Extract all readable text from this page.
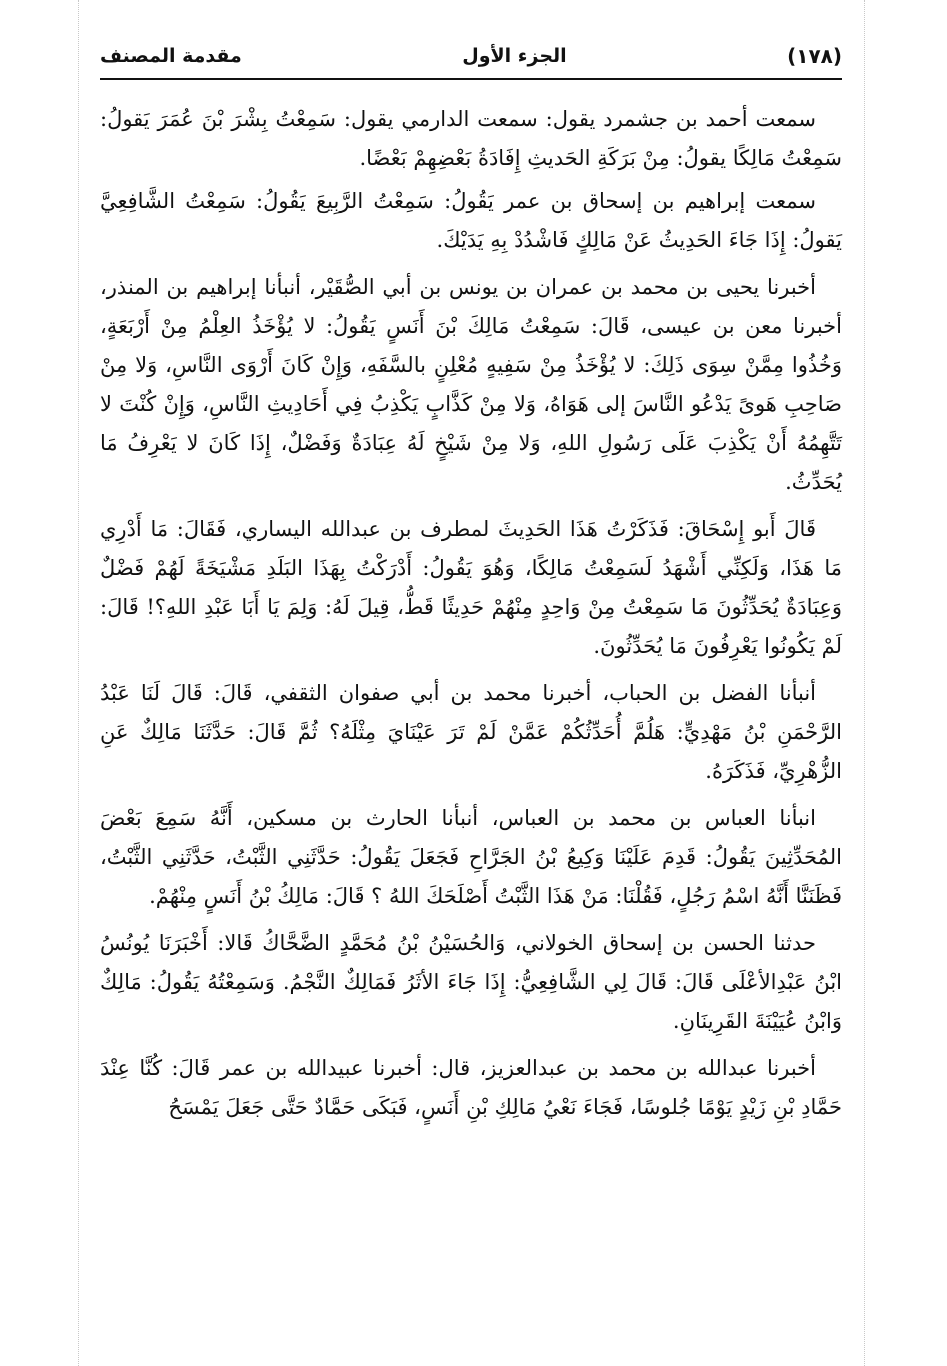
(١٧٨)
الجزء الأول
مقدمة المصنف

سمعت أحمد بن جشمرد يقول: سمعت الدارمي يقول: سَمِعْتُ بِشْرَ بْنَ عُمَرَ يَقولُ: سَمِعْتُ مَالِكًا يقولُ: مِنْ بَرَكَةِ الحَديثِ إِفَادَةُ بَعْضِهِمْ بَعْضًا.

سمعت إبراهيم بن إسحاق بن عمر يَقُولُ: سَمِعْتُ الرَّبِيعَ يَقُولُ: سَمِعْتُ الشَّافِعِيَّ يَقولُ: إِذَا جَاءَ الحَدِيثُ عَنْ مَالِكٍ فَاشْدُدْ بِهِ يَدَيْكَ.

أخبرنا يحيى بن محمد بن عمران بن يونس بن أبي الصُّقَيْر، أنبأنا إبراهيم بن المنذر، أخبرنا معن بن عيسى، قَالَ: سَمِعْتُ مَالِكَ بْنَ أَنَسٍ يَقُولُ: لا يُؤْخَذُ العِلْمُ مِنْ أَرْبَعَةٍ، وَخُذُوا مِمَّنْ سِوَى ذَلِكَ: لا يُؤْخَذُ مِنْ سَفِيهٍ مُعْلِنٍ بالسَّفَهِ، وَإِنْ كَانَ أَرْوَى النَّاسِ، وَلا مِنْ صَاحِبِ هَوىً يَدْعُو النَّاسَ إلى هَوَاهُ، وَلا مِنْ كَذَّابٍ يَكْذِبُ فِي أَحَادِيثِ النَّاسِ، وَإِنْ كُنْتَ لا تَتَّهِمُهُ أَنْ يَكْذِبَ عَلَى رَسُولِ اللهِ، وَلا مِنْ شَيْخٍ لَهُ عِبَادَةٌ وَفَضْلٌ، إِذَا كَانَ لا يَعْرِفُ مَا يُحَدِّثُ.

قَالَ أَبو إِسْحَاقَ: فَذَكَرْتُ هَذَا الحَدِيثَ لمطرف بن عبدالله اليساري، فَقَالَ: مَا أَدْرِي مَا هَذَا، وَلَكِنِّي أَشْهَدُ لَسَمِعْتُ مَالِكًا، وَهُوَ يَقُولُ: أَدْرَكْتُ بِهَذَا البَلَدِ مَشْيَخَةً لَهُمْ فَضْلٌ وَعِبَادَةٌ يُحَدِّثُونَ مَا سَمِعْتُ مِنْ وَاحِدٍ مِنْهُمْ حَدِيثًا قَطُّ، قِيلَ لَهُ: وَلِمَ يَا أَبَا عَبْدِ اللهِ؟! قَالَ: لَمْ يَكُونُوا يَعْرِفُونَ مَا يُحَدِّثُونَ.

أنبأنا الفضل بن الحباب، أخبرنا محمد بن أبي صفوان الثقفي، قَالَ: قَالَ لَنَا عَبْدُ الرَّحْمَنِ بْنُ مَهْدِيٍّ: هَلُمَّ أُحَدِّثُكُمْ عَمَّنْ لَمْ تَرَ عَيْنَايَ مِثْلَهُ؟ ثُمَّ قَالَ: حَدَّثَنَا مَالِكٌ عَنِ الزُّهْرِيِّ، فَذَكَرَهُ.

انبأنا العباس بن محمد بن العباس، أنبأنا الحارث بن مسكين، أَنَّهُ سَمِعَ بَعْضَ المُحَدِّثِينَ يَقُولُ: قَدِمَ عَلَيْنَا وَكِيعُ بْنُ الجَرَّاحِ فَجَعَلَ يَقُولُ: حَدَّثَنِي الثَّبْتُ، حَدَّثَنِي الثَّبْتُ، فَظَنَنَّا أَنَّهُ اسْمُ رَجُلٍ، فَقُلْنَا: مَنْ هَذَا الثَّبْتُ أَصْلَحَكَ اللهُ ؟ قَالَ: مَالِكُ بْنُ أَنَسٍ مِنْهُمْ.

حدثنا الحسن بن إسحاق الخولاني، وَالحُسَيْنُ بْنُ مُحَمَّدٍ الضَّحَّاكُ قَالا: أَخْبَرَنَا يُونُسُ ابْنُ عَبْدِالأعْلَى قَالَ: قَالَ لِي الشَّافِعِيُّ: إِذَا جَاءَ الأثَرُ فَمَالِكٌ النَّجْمُ. وَسَمِعْتُهُ يَقُولُ: مَالِكٌ وَابْنُ عُيَيْنَةَ القَرِينَانِ.

أخبرنا عبدالله بن محمد بن عبدالعزيز، قال: أخبرنا عبيدالله بن عمر قَالَ: كُنَّا عِنْدَ حَمَّادِ بْنِ زَيْدٍ يَوْمًا جُلوسًا، فَجَاءَ نَعْيُ مَالِكِ بْنِ أَنَسٍ، فَبَكَى حَمَّادٌ حَتَّى جَعَلَ يَمْسَحُ
